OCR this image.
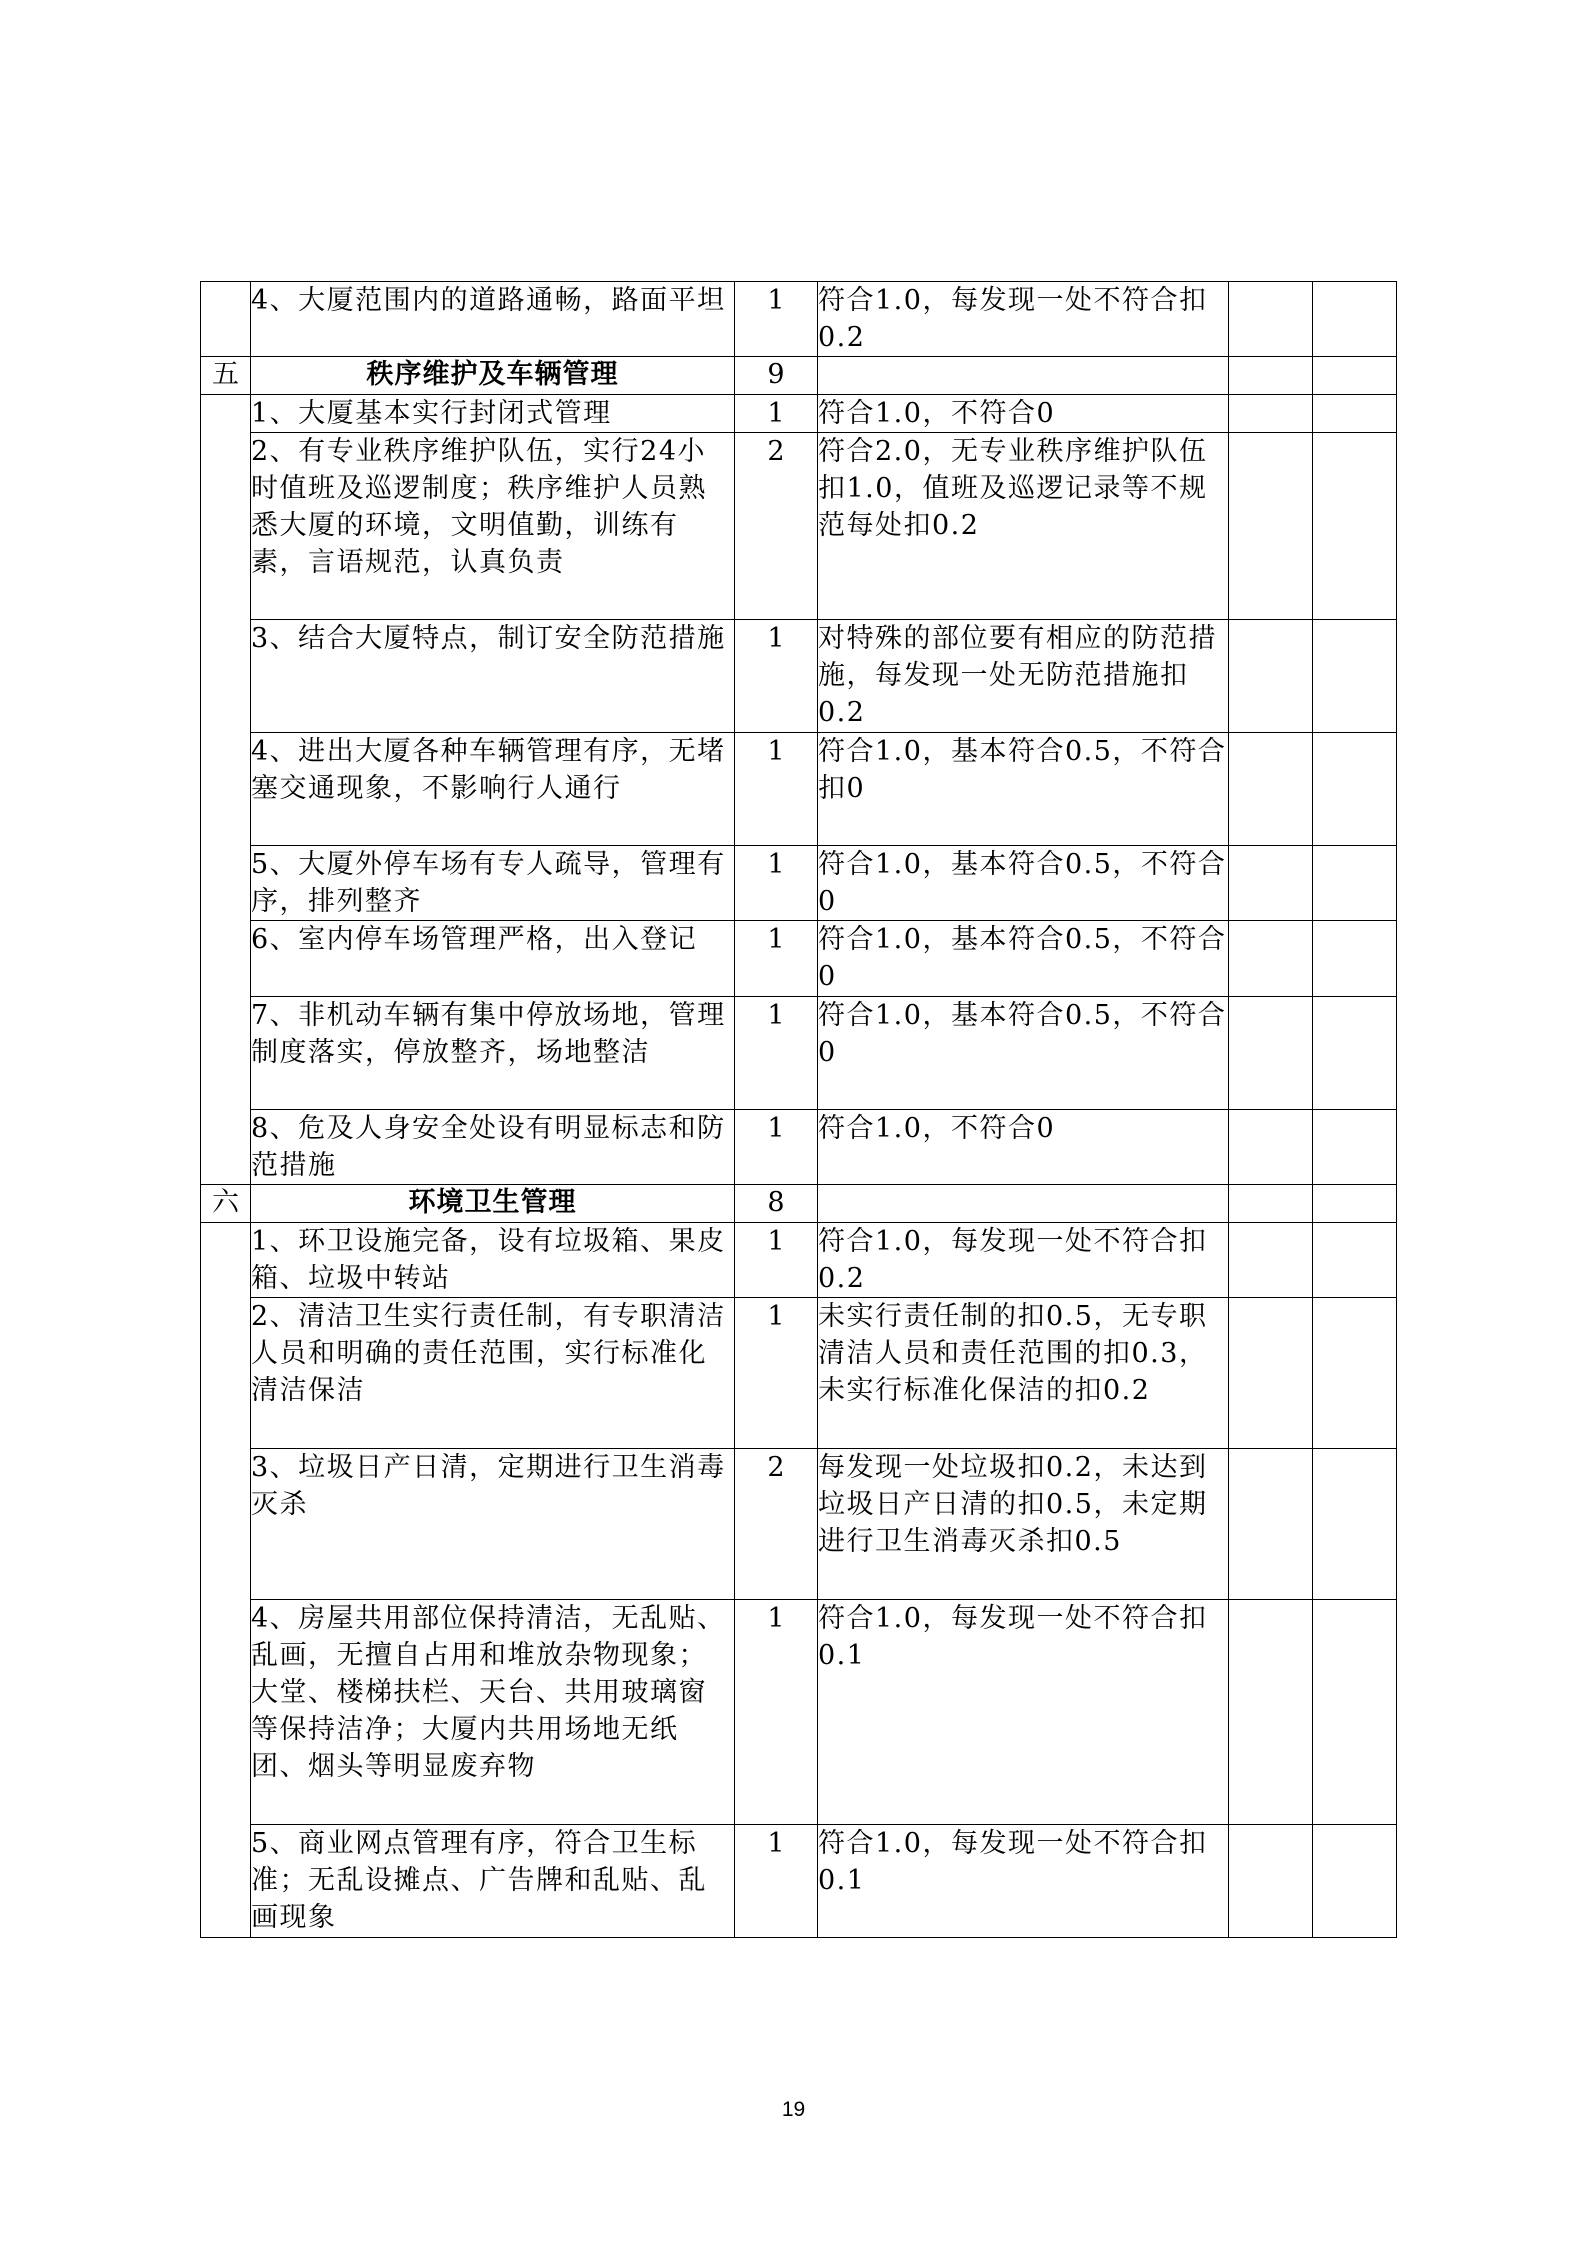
	4、大厦范围内的道路通畅，路面平坦	1	符合1.0，每发现一处不符合扣0.2		
五	秩序维护及车辆管理	9			
	1、大厦基本实行封闭式管理	1	符合1.0，不符合0		
	2、有专业秩序维护队伍，实行24小时值班及巡逻制度；秩序维护人员熟悉大厦的环境，文明值勤，训练有素，言语规范，认真负责	2	符合2.0，无专业秩序维护队伍扣1.0，值班及巡逻记录等不规范每处扣0.2		
	3、结合大厦特点，制订安全防范措施	1	对特殊的部位要有相应的防范措施，每发现一处无防范措施扣0.2		
	4、进出大厦各种车辆管理有序，无堵塞交通现象，不影响行人通行	1	符合1.0，基本符合0.5，不符合扣0		
	5、大厦外停车场有专人疏导，管理有序，排列整齐	1	符合1.0，基本符合0.5，不符合0		
	6、室内停车场管理严格，出入登记	1	符合1.0，基本符合0.5，不符合0		
	7、非机动车辆有集中停放场地，管理制度落实，停放整齐，场地整洁	1	符合1.0，基本符合0.5，不符合0		
	8、危及人身安全处设有明显标志和防范措施	1	符合1.0，不符合0		
六	环境卫生管理	8			
	1、环卫设施完备，设有垃圾箱、果皮箱、垃圾中转站	1	符合1.0，每发现一处不符合扣0.2		
	2、清洁卫生实行责任制，有专职清洁人员和明确的责任范围，实行标准化清洁保洁	1	未实行责任制的扣0.5，无专职清洁人员和责任范围的扣0.3，未实行标准化保洁的扣0.2		
	3、垃圾日产日清，定期进行卫生消毒灭杀	2	每发现一处垃圾扣0.2，未达到垃圾日产日清的扣0.5，未定期进行卫生消毒灭杀扣0.5		
	4、房屋共用部位保持清洁，无乱贴、乱画，无擅自占用和堆放杂物现象；大堂、楼梯扶栏、天台、共用玻璃窗等保持洁净；大厦内共用场地无纸团、烟头等明显废弃物	1	符合1.0，每发现一处不符合扣0.1		
	5、商业网点管理有序，符合卫生标准；无乱设摊点、广告牌和乱贴、乱画现象	1	符合1.0，每发现一处不符合扣0.1		
19
